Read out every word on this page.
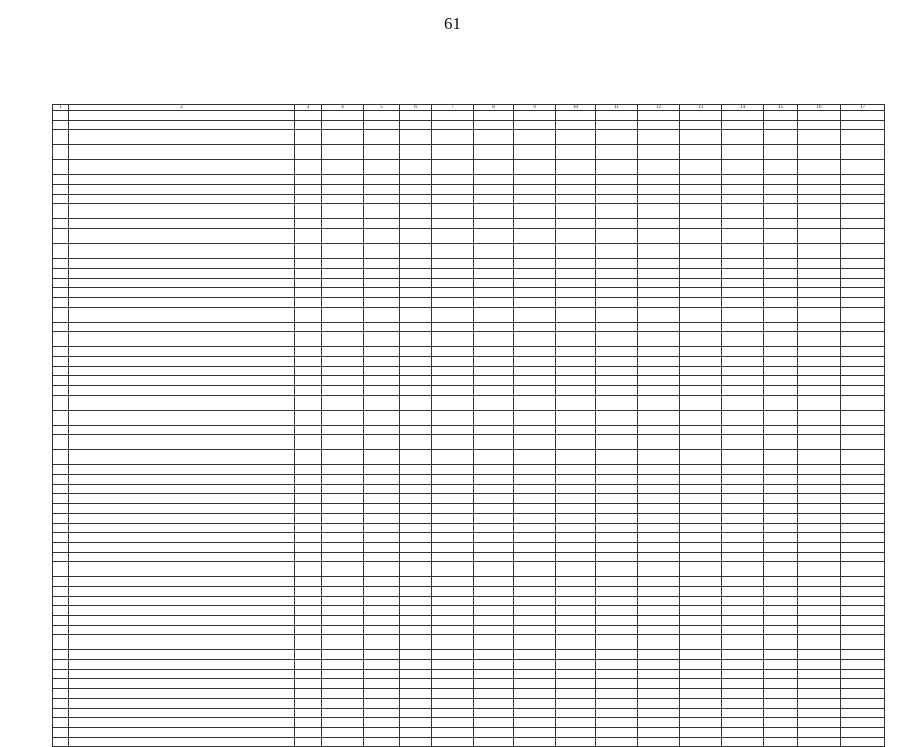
61
1	2	3	4	5	6	7	8	9	10	11	12	13	14	15	16	17
